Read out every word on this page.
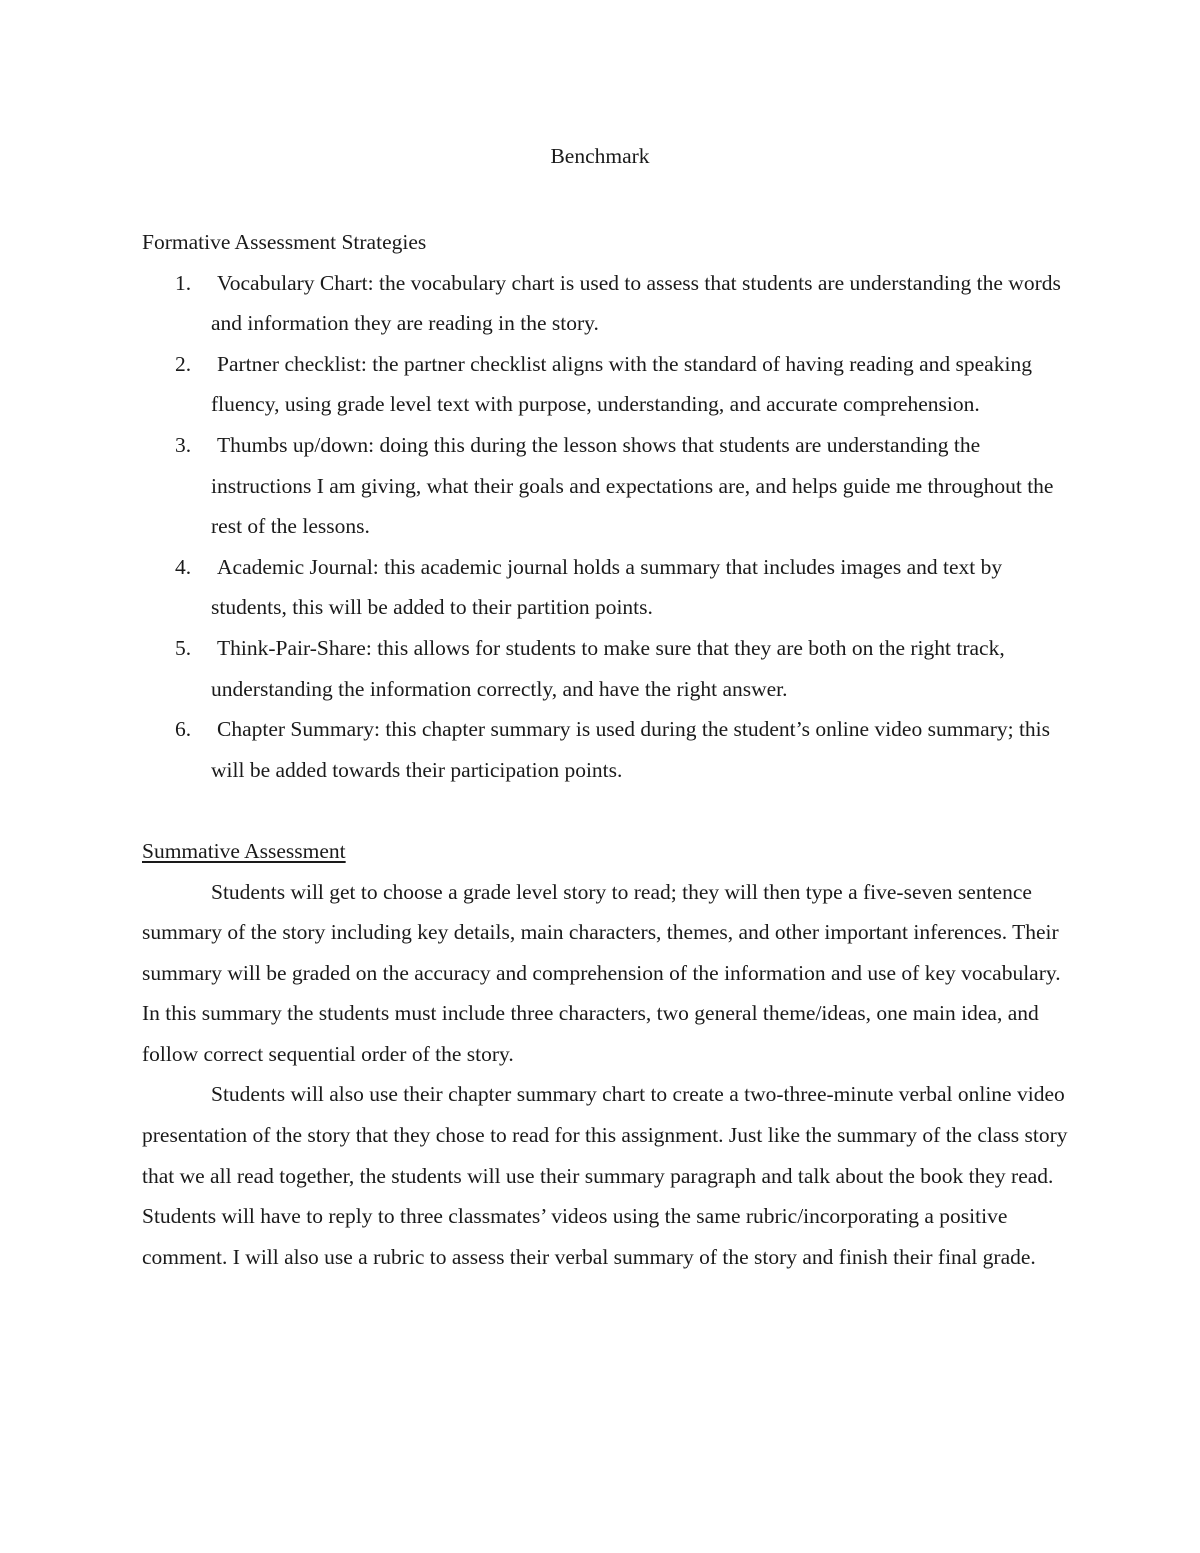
Benchmark
Formative Assessment Strategies
1. Vocabulary Chart: the vocabulary chart is used to assess that students are understanding the words and information they are reading in the story.
2. Partner checklist: the partner checklist aligns with the standard of having reading and speaking fluency, using grade level text with purpose, understanding, and accurate comprehension.
3. Thumbs up/down: doing this during the lesson shows that students are understanding the instructions I am giving, what their goals and expectations are, and helps guide me throughout the rest of the lessons.
4. Academic Journal: this academic journal holds a summary that includes images and text by students, this will be added to their partition points.
5. Think-Pair-Share: this allows for students to make sure that they are both on the right track, understanding the information correctly, and have the right answer.
6. Chapter Summary: this chapter summary is used during the student’s online video summary; this will be added towards their participation points.
Summative Assessment

Students will get to choose a grade level story to read; they will then type a five-seven sentence summary of the story including key details, main characters, themes, and other important inferences. Their summary will be graded on the accuracy and comprehension of the information and use of key vocabulary. In this summary the students must include three characters, two general theme/ideas, one main idea, and follow correct sequential order of the story.

Students will also use their chapter summary chart to create a two-three-minute verbal online video presentation of the story that they chose to read for this assignment. Just like the summary of the class story that we all read together, the students will use their summary paragraph and talk about the book they read. Students will have to reply to three classmates’ videos using the same rubric/incorporating a positive comment. I will also use a rubric to assess their verbal summary of the story and finish their final grade.
